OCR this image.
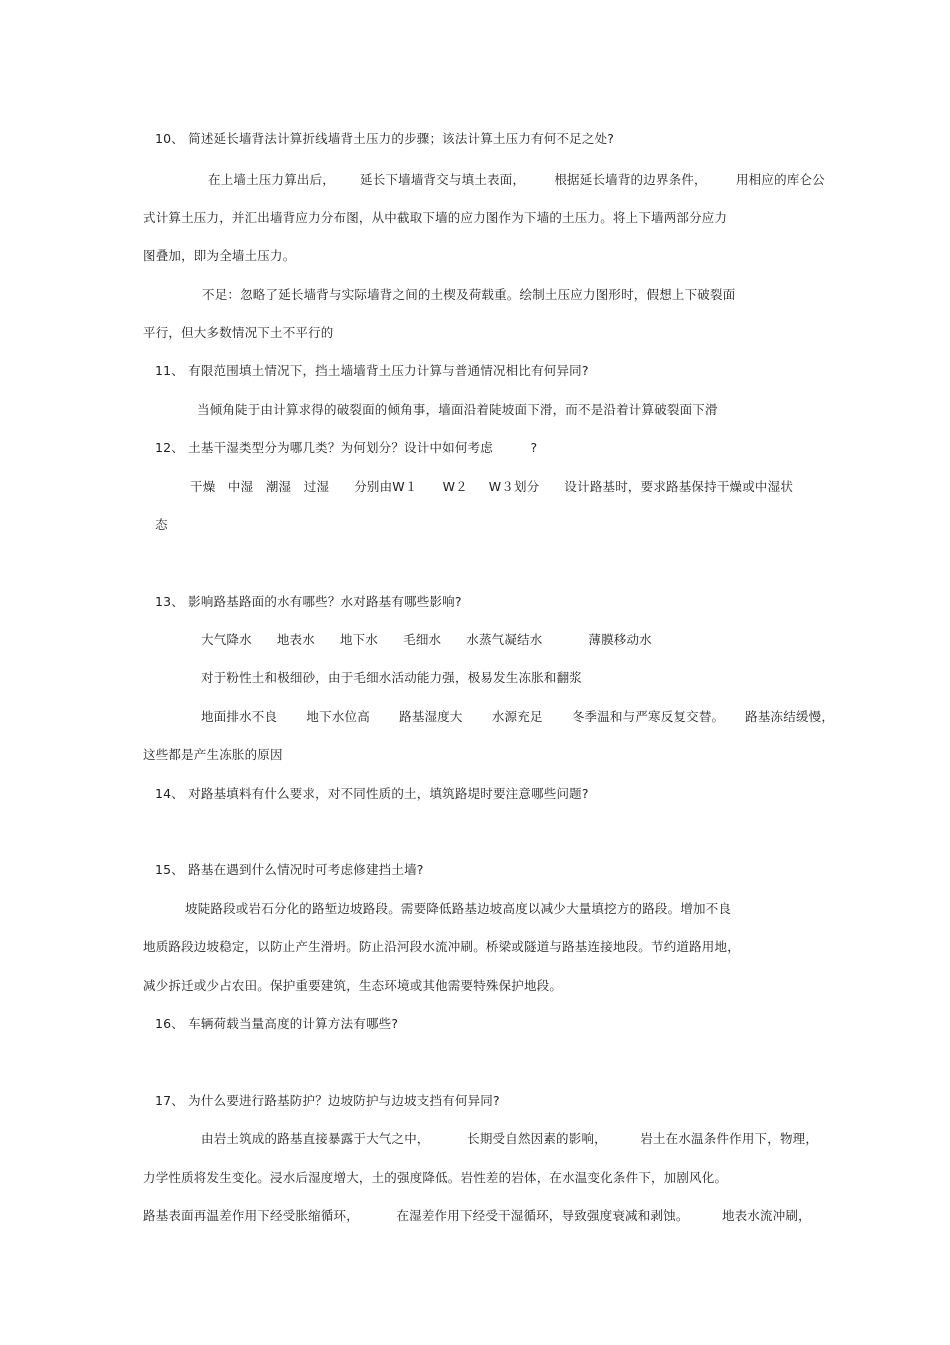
10、 简述延长墙背法计算折线墙背土压力的步骤；该法计算土压力有何不足之处?
在上墙土压力算出后，      延长下墙墙背交与填土表面，       根据延长墙背的边界条件，       用相应的库仑公
式计算土压力，并汇出墙背应力分布图，从中截取下墙的应力图作为下墙的土压力。将上下墙两部分应力
图叠加，即为全墙土压力。
不足：忽略了延长墙背与实际墙背之间的土楔及荷载重。绘制土压应力图形时，假想上下破裂面
平行，但大多数情况下土不平行的
11、 有限范围填土情况下，挡土墙墙背土压力计算与普通情况相比有何异同?
当倾角陡于由计算求得的破裂面的倾角事，墙面沿着陡坡面下滑，而不是沿着计算破裂面下滑
12、 土基干湿类型分为哪几类？为何划分？设计中如何考虑         ?
干燥   中湿   潮湿   过湿      分别由W１      W２     W３划分      设计路基时，要求路基保持干燥或中湿状
态
13、 影响路基路面的水有哪些？水对路基有哪些影响?
大气降水      地表水      地下水      毛细水      水蒸气凝结水           薄膜移动水
对于粉性土和极细砂，由于毛细水活动能力强，极易发生冻胀和翻浆
地面排水不良       地下水位高       路基湿度大       水源充足       冬季温和与严寒反复交替。     路基冻结缓慢，
这些都是产生冻胀的原因
14、 对路基填料有什么要求，对不同性质的土，填筑路堤时要注意哪些问题?
15、 路基在遇到什么情况时可考虑修建挡土墙?
坡陡路段或岩石分化的路堑边坡路段。需要降低路基边坡高度以减少大量填挖方的路段。增加不良
地质路段边坡稳定，以防止产生滑坍。防止沿河段水流冲刷。桥梁或隧道与路基连接地段。节约道路用地，
减少拆迁或少占农田。保护重要建筑，生态环境或其他需要特殊保护地段。
16、 车辆荷载当量高度的计算方法有哪些?
17、 为什么要进行路基防护？边坡防护与边坡支挡有何异同?
由岩土筑成的路基直接暴露于大气之中，         长期受自然因素的影响，        岩土在水温条件作用下，物理，
力学性质将发生变化。浸水后湿度增大，土的强度降低。岩性差的岩体，在水温变化条件下，加剧风化。
路基表面再温差作用下经受胀缩循环，         在湿差作用下经受干湿循环，导致强度衰减和剥蚀。        地表水流冲刷，
